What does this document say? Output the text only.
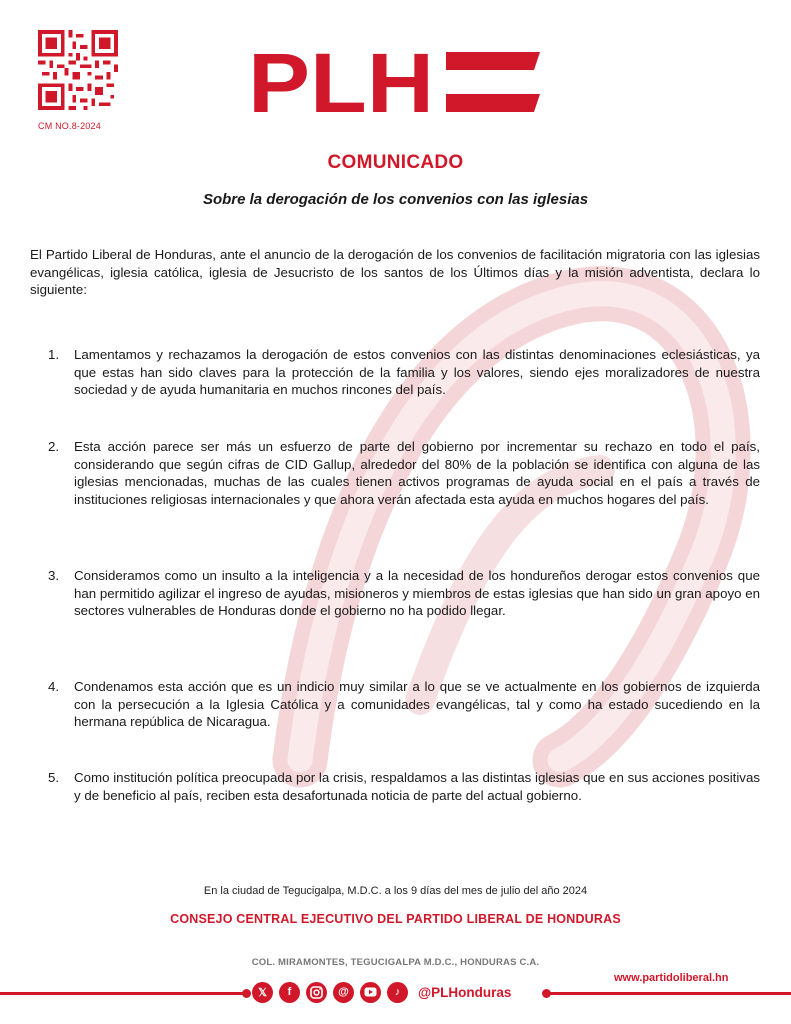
CM NO.8-2024	PLH
COMUNICADO
Sobre la derogación de los convenios con las iglesias
El Partido Liberal de Honduras, ante el anuncio de la derogación de los convenios de facilitación migratoria con las iglesias evangélicas, iglesia católica, iglesia de Jesucristo de los santos de los Últimos días y la misión adventista, declara lo siguiente:
1.	Lamentamos y rechazamos la derogación de estos convenios con las distintas denominaciones eclesiásticas, ya que estas han sido claves para la protección de la familia y los valores, siendo ejes moralizadores de nuestra sociedad y de ayuda humanitaria en muchos rincones del país.
2.	Esta acción parece ser más un esfuerzo de parte del gobierno por incrementar su rechazo en todo el país, considerando que según cifras de CID Gallup, alrededor del 80% de la población se identifica con alguna de las iglesias mencionadas, muchas de las cuales tienen activos programas de ayuda social en el país a través de instituciones religiosas internacionales y que ahora verán afectada esta ayuda en muchos hogares del país.
3.	Consideramos como un insulto a la inteligencia y a la necesidad de los hondureños derogar estos convenios que han permitido agilizar el ingreso de ayudas, misioneros y miembros de estas iglesias que han sido un gran apoyo en sectores vulnerables de Honduras donde el gobierno no ha podido llegar.
4.	Condenamos esta acción que es un indicio muy similar a lo que se ve actualmente en los gobiernos de izquierda con la persecución a la Iglesia Católica y a comunidades evangélicas, tal y como ha estado sucediendo en la hermana república de Nicaragua.
5.	Como institución política preocupada por la crisis, respaldamos a las distintas iglesias que en sus acciones positivas y de beneficio al país, reciben esta desafortunada noticia de parte del actual gobierno.
En la ciudad de Tegucigalpa, M.D.C. a los 9 días del mes de julio del año 2024
CONSEJO CENTRAL EJECUTIVO DEL PARTIDO LIBERAL DE HONDURAS
COL. MIRAMONTES, TEGUCIGALPA M.D.C., HONDURAS C.A.
www.partidoliberal.hn
𝕏	f	@	♪	@PLHonduras
